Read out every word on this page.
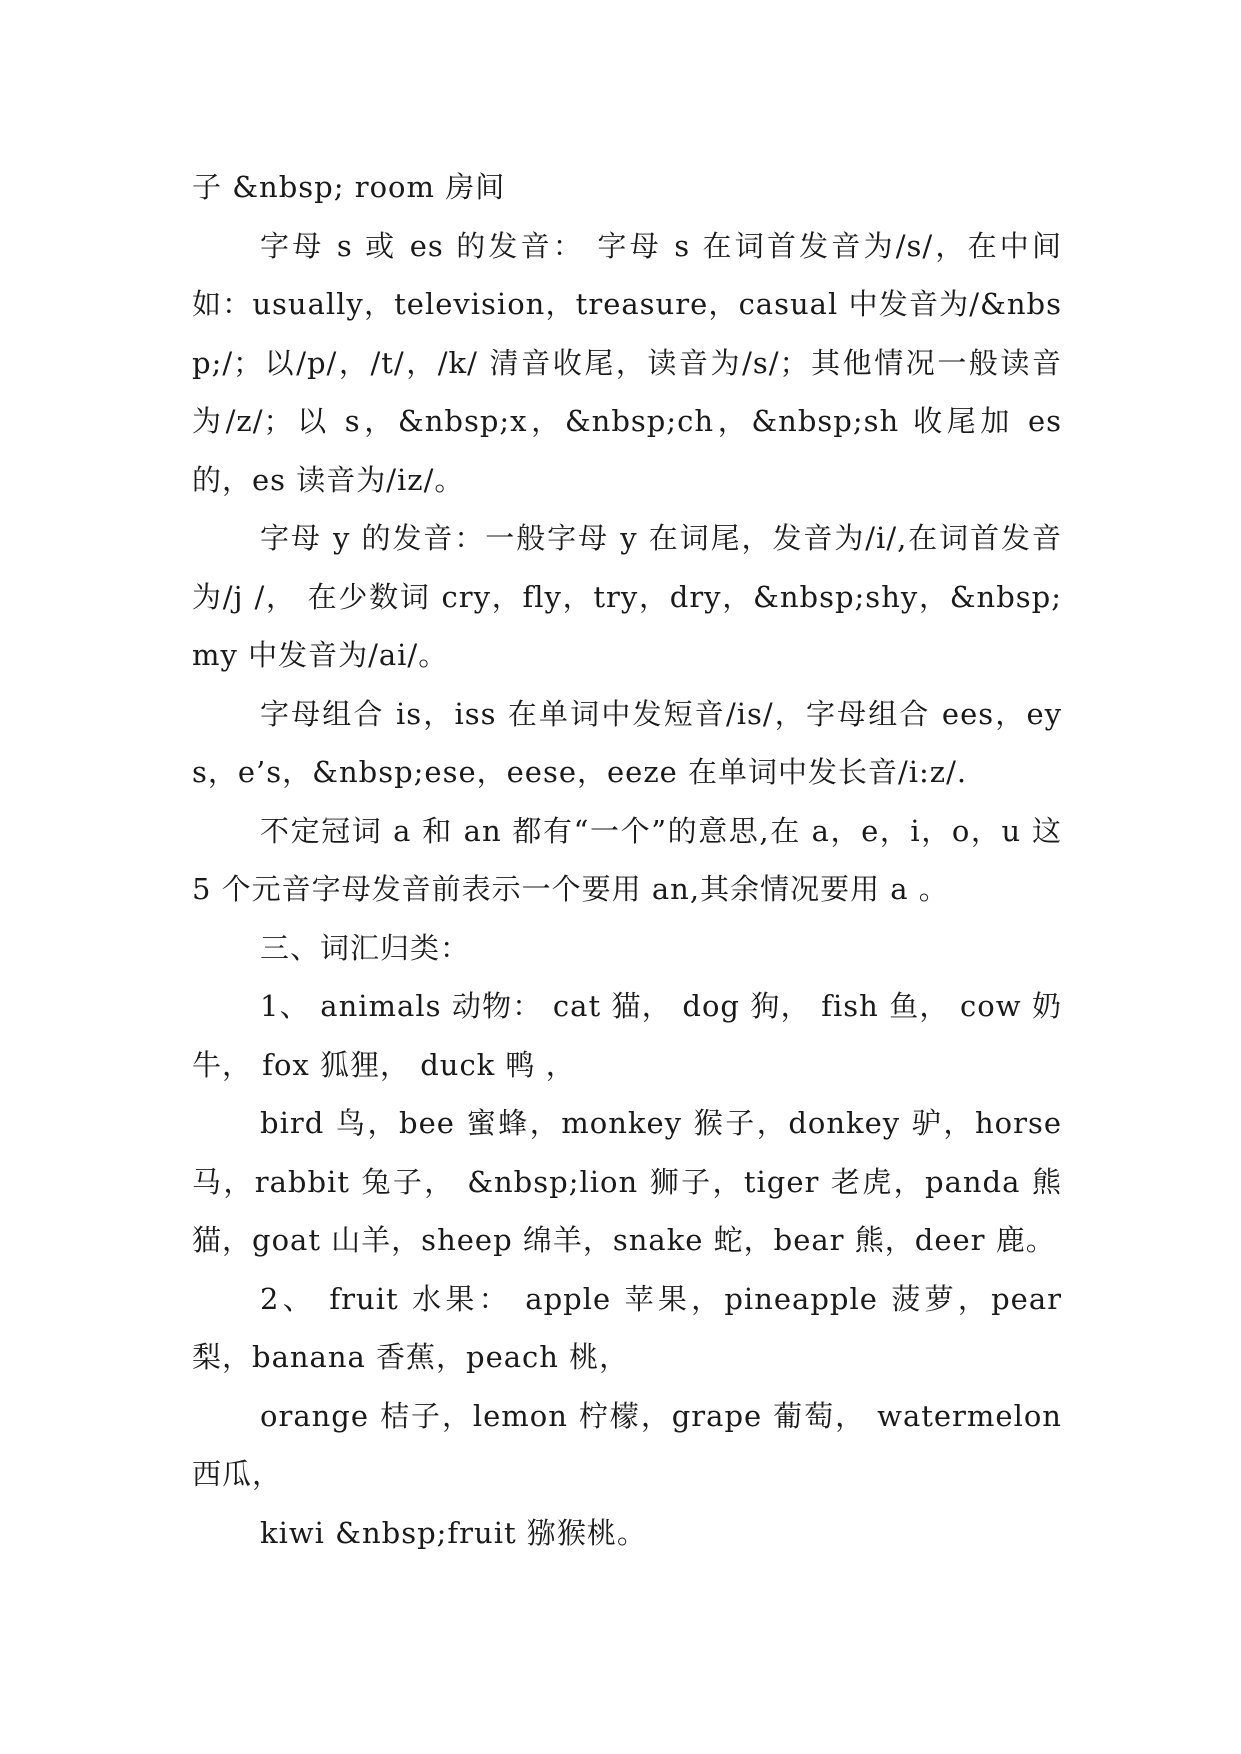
子 &nbsp; room 房间

字母 s 或 es 的发音： 字母 s 在词首发音为/s/，在中间如：usually，television，treasure，casual 中发音为/&nbsp;/；以/p/，/t/，/k/ 清音收尾，读音为/s/；其他情况一般读音为/z/；以 s，&nbsp;x，&nbsp;ch，&nbsp;sh 收尾加 es 的，es 读音为/iz/。

字母 y 的发音：一般字母 y 在词尾，发音为/i/,在词首发音为/j /， 在少数词 cry，fly，try，dry，&nbsp;shy，&nbsp;my 中发音为/ai/。

字母组合 is，iss 在单词中发短音/is/，字母组合 ees，eys，e’s，&nbsp;ese，eese，eeze 在单词中发长音/i:z/.

不定冠词 a 和 an 都有“一个”的意思,在 a，e，i，o，u 这 5 个元音字母发音前表示一个要用 an,其余情况要用 a 。

三、词汇归类：

1、 animals 动物： cat 猫， dog 狗， fish 鱼， cow 奶牛， fox 狐狸， duck 鸭 ，

bird 鸟，bee 蜜蜂，monkey 猴子，donkey 驴，horse 马，rabbit 兔子， &nbsp;lion 狮子，tiger 老虎，panda 熊猫，goat 山羊，sheep 绵羊，snake 蛇，bear 熊，deer 鹿。

2、 fruit 水果： apple 苹果，pineapple 菠萝，pear 梨，banana 香蕉，peach 桃，

orange 桔子，lemon 柠檬，grape 葡萄， watermelon 西瓜，

kiwi &nbsp;fruit 猕猴桃。
